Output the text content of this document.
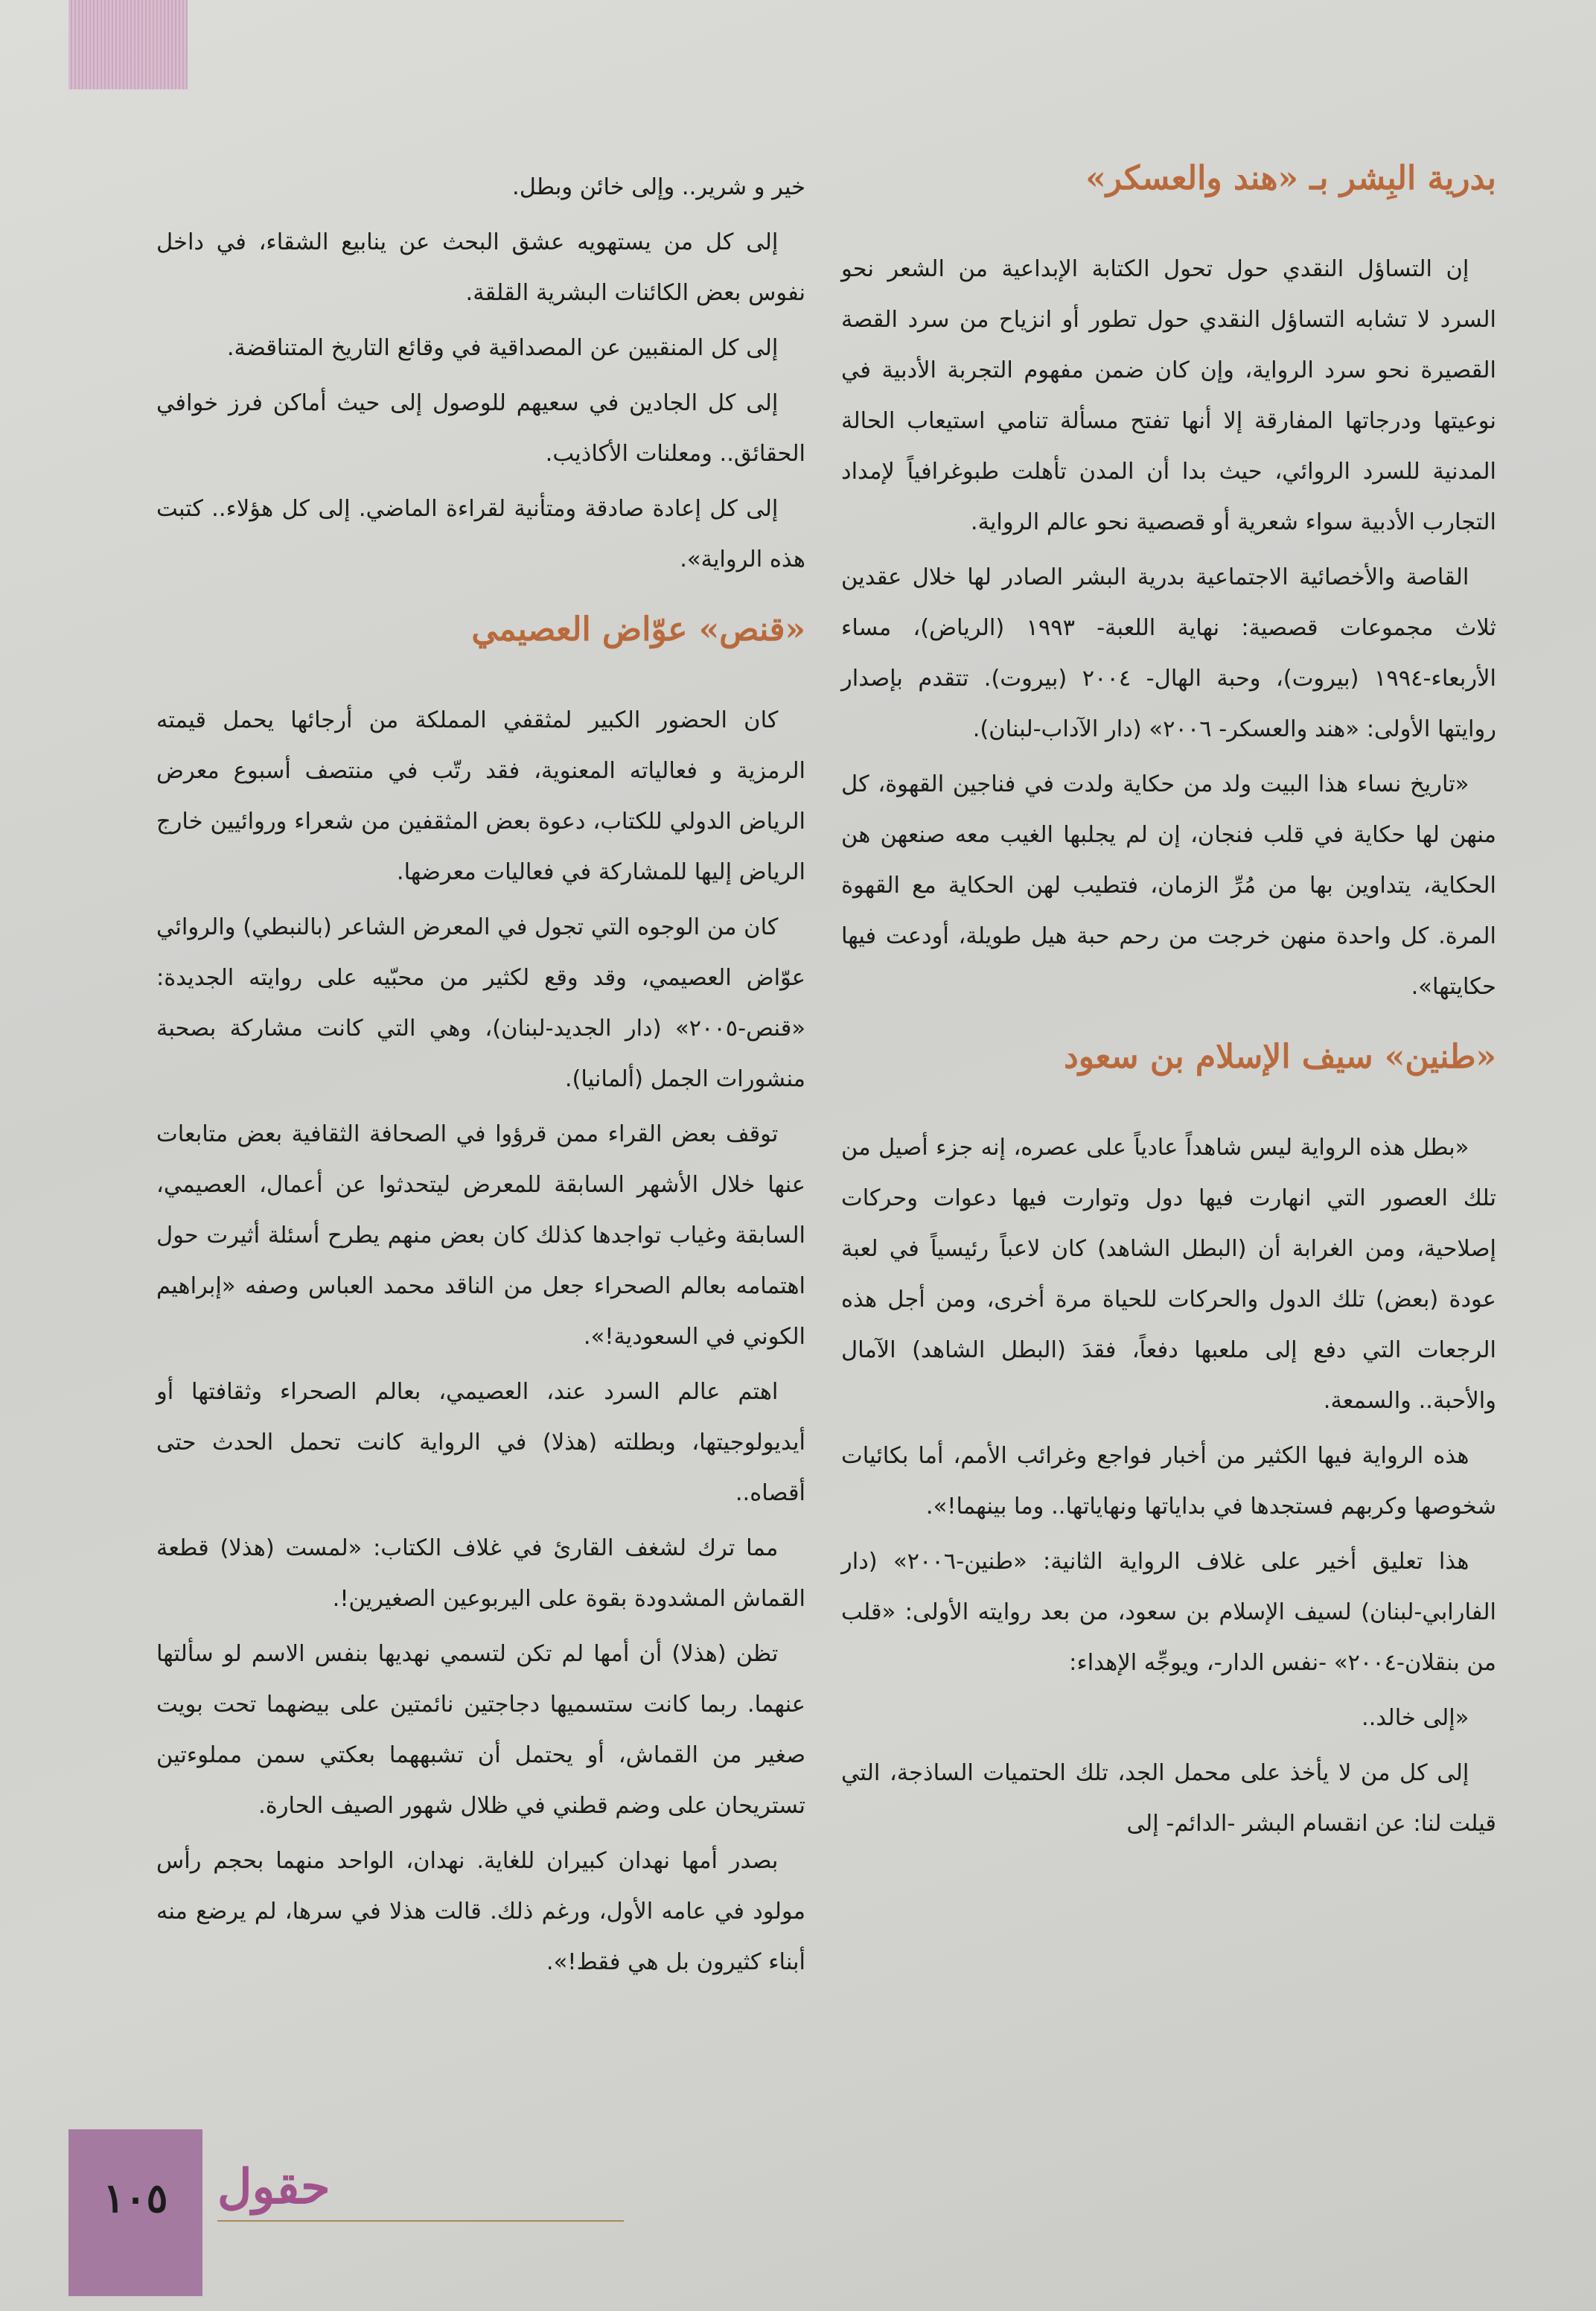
بدرية البِشر بـ «هند والعسكر»

إن التساؤل النقدي حول تحول الكتابة الإبداعية من الشعر نحو السرد لا تشابه التساؤل النقدي حول تطور أو انزياح من سرد القصة القصيرة نحو سرد الرواية، وإن كان ضمن مفهوم التجربة الأدبية في نوعيتها ودرجاتها المفارقة إلا أنها تفتح مسألة تنامي استيعاب الحالة المدنية للسرد الروائي، حيث بدا أن المدن تأهلت طبوغرافياً لإمداد التجارب الأدبية سواء شعرية أو قصصية نحو عالم الرواية.

القاصة والأخصائية الاجتماعية بدرية البشر الصادر لها خلال عقدين ثلاث مجموعات قصصية: نهاية اللعبة- ١٩٩٣ (الرياض)، مساء الأربعاء-١٩٩٤ (بيروت)، وحبة الهال- ٢٠٠٤ (بيروت). تتقدم بإصدار روايتها الأولى: «هند والعسكر- ٢٠٠٦» (دار الآداب-لبنان).

«تاريخ نساء هذا البيت ولد من حكاية ولدت في فناجين القهوة، كل منهن لها حكاية في قلب فنجان، إن لم يجلبها الغيب معه صنعهن هن الحكاية، يتداوين بها من مُرِّ الزمان، فتطيب لهن الحكاية مع القهوة المرة. كل واحدة منهن خرجت من رحم حبة هيل طويلة، أودعت فيها حكايتها».

«طنين» سيف الإسلام بن سعود

«بطل هذه الرواية ليس شاهداً عادياً على عصره، إنه جزء أصيل من تلك العصور التي انهارت فيها دول وتوارت فيها دعوات وحركات إصلاحية، ومن الغرابة أن (البطل الشاهد) كان لاعباً رئيسياً في لعبة عودة (بعض) تلك الدول والحركات للحياة مرة أخرى، ومن أجل هذه الرجعات التي دفع إلى ملعبها دفعاً، فقدَ (البطل الشاهد) الآمال والأحبة.. والسمعة.

هذه الرواية فيها الكثير من أخبار فواجع وغرائب الأمم، أما بكائيات شخوصها وكربهم فستجدها في بداياتها ونهاياتها.. وما بينهما!».

هذا تعليق أخير على غلاف الرواية الثانية: «طنين-٢٠٠٦» (دار الفارابي-لبنان) لسيف الإسلام بن سعود، من بعد روايته الأولى: «قلب من بنقلان-٢٠٠٤» -نفس الدار-، ويوجِّه الإهداء:

«إلى خالد..

إلى كل من لا يأخذ على محمل الجد، تلك الحتميات الساذجة، التي قيلت لنا: عن انقسام البشر -الدائم- إلى

خير و شرير.. وإلى خائن وبطل.

إلى كل من يستهويه عشق البحث عن ينابيع الشقاء، في داخل نفوس بعض الكائنات البشرية القلقة.

إلى كل المنقبين عن المصداقية في وقائع التاريخ المتناقضة.

إلى كل الجادين في سعيهم للوصول إلى حيث أماكن فرز خوافي الحقائق.. ومعلنات الأكاذيب.

إلى كل إعادة صادقة ومتأنية لقراءة الماضي. إلى كل هؤلاء.. كتبت هذه الرواية».

«قنص» عوّاض العصيمي

كان الحضور الكبير لمثقفي المملكة من أرجائها يحمل قيمته الرمزية و فعالياته المعنوية، فقد رتّب في منتصف أسبوع معرض الرياض الدولي للكتاب، دعوة بعض المثقفين من شعراء وروائيين خارج الرياض إليها للمشاركة في فعاليات معرضها.

كان من الوجوه التي تجول في المعرض الشاعر (بالنبطي) والروائي عوّاض العصيمي، وقد وقع لكثير من محبّيه على روايته الجديدة: «قنص-٢٠٠٥» (دار الجديد-لبنان)، وهي التي كانت مشاركة بصحبة منشورات الجمل (ألمانيا).

توقف بعض القراء ممن قرؤوا في الصحافة الثقافية بعض متابعات عنها خلال الأشهر السابقة للمعرض ليتحدثوا عن أعمال، العصيمي، السابقة وغياب تواجدها كذلك كان بعض منهم يطرح أسئلة أثيرت حول اهتمامه بعالم الصحراء جعل من الناقد محمد العباس وصفه «إبراهيم الكوني في السعودية!».

اهتم عالم السرد عند، العصيمي، بعالم الصحراء وثقافتها أو أيديولوجيتها، وبطلته (هذلا) في الرواية كانت تحمل الحدث حتى أقصاه..

مما ترك لشغف القارئ في غلاف الكتاب: «لمست (هذلا) قطعة القماش المشدودة بقوة على اليربوعين الصغيرين!.

تظن (هذلا) أن أمها لم تكن لتسمي نهديها بنفس الاسم لو سألتها عنهما. ربما كانت ستسميها دجاجتين نائمتين على بيضهما تحت بويت صغير من القماش، أو يحتمل أن تشبههما بعكتي سمن مملوءتين تستريحان على وضم قطني في ظلال شهور الصيف الحارة.

بصدر أمها نهدان كبيران للغاية. نهدان، الواحد منهما بحجم رأس مولود في عامه الأول، ورغم ذلك. قالت هذلا في سرها، لم يرضع منه أبناء كثيرون بل هي فقط!».

١٠٥	حقول
